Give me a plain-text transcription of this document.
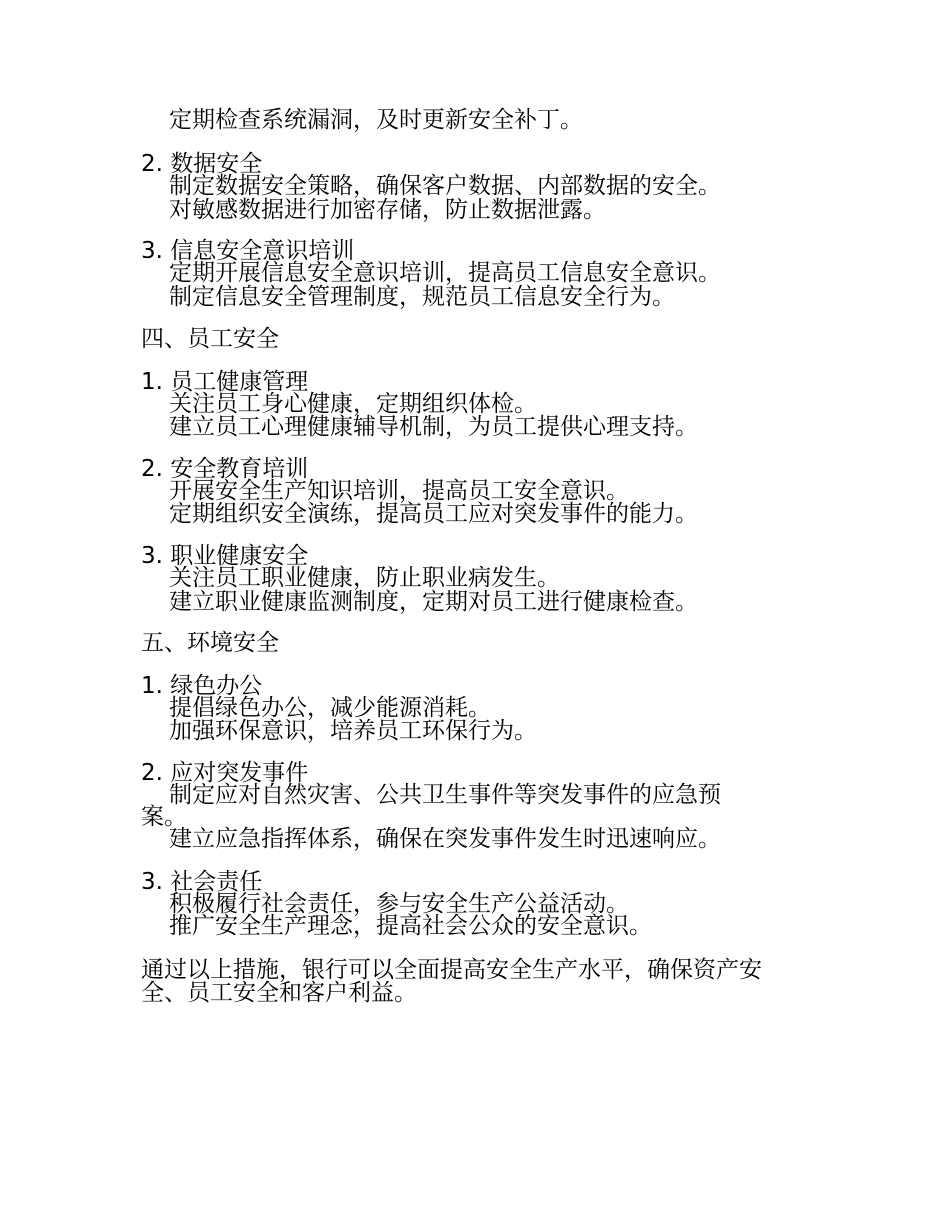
定期检查系统漏洞，及时更新安全补丁。
2. 数据安全
制定数据安全策略，确保客户数据、内部数据的安全。
对敏感数据进行加密存储，防止数据泄露。
3. 信息安全意识培训
定期开展信息安全意识培训，提高员工信息安全意识。
制定信息安全管理制度，规范员工信息安全行为。
四、员工安全
1. 员工健康管理
关注员工身心健康，定期组织体检。
建立员工心理健康辅导机制，为员工提供心理支持。
2. 安全教育培训
开展安全生产知识培训，提高员工安全意识。
定期组织安全演练，提高员工应对突发事件的能力。
3. 职业健康安全
关注员工职业健康，防止职业病发生。
建立职业健康监测制度，定期对员工进行健康检查。
五、环境安全
1. 绿色办公
提倡绿色办公，减少能源消耗。
加强环保意识，培养员工环保行为。
2. 应对突发事件
制定应对自然灾害、公共卫生事件等突发事件的应急预
案。
建立应急指挥体系，确保在突发事件发生时迅速响应。
3. 社会责任
积极履行社会责任，参与安全生产公益活动。
推广安全生产理念，提高社会公众的安全意识。
通过以上措施，银行可以全面提高安全生产水平，确保资产安
全、员工安全和客户利益。
